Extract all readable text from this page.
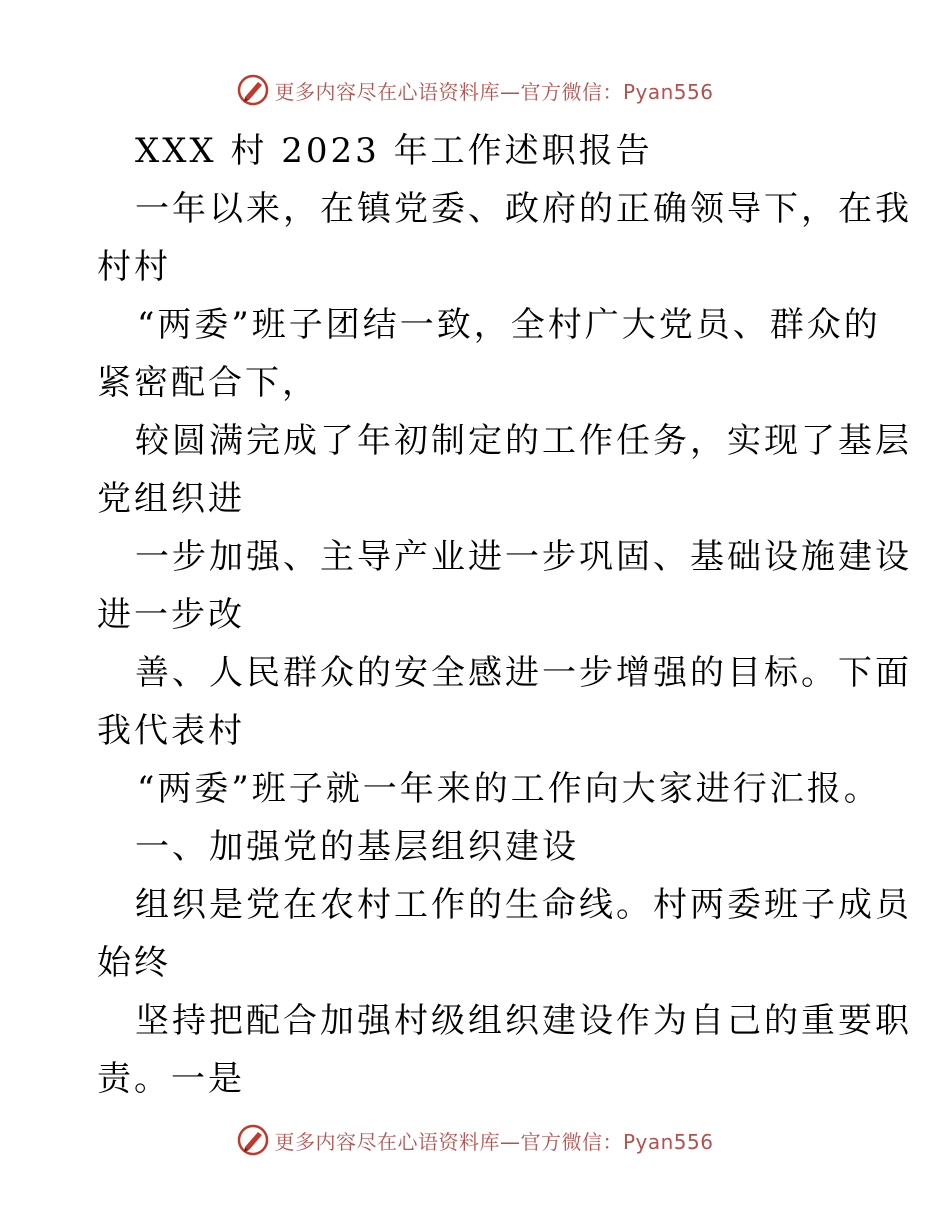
更多内容尽在心语资料库—官方微信：Pyan556
XXX 村 2023 年工作述职报告
一年以来，在镇党委、政府的正确领导下，在我
村村
“两委”班子团结一致，全村广大党员、群众的
紧密配合下，
较圆满完成了年初制定的工作任务，实现了基层
党组织进
一步加强、主导产业进一步巩固、基础设施建设
进一步改
善、人民群众的安全感进一步增强的目标。下面
我代表村
“两委”班子就一年来的工作向大家进行汇报。
一、加强党的基层组织建设
组织是党在农村工作的生命线。村两委班子成员
始终
坚持把配合加强村级组织建设作为自己的重要职
责。一是
更多内容尽在心语资料库—官方微信：Pyan556
